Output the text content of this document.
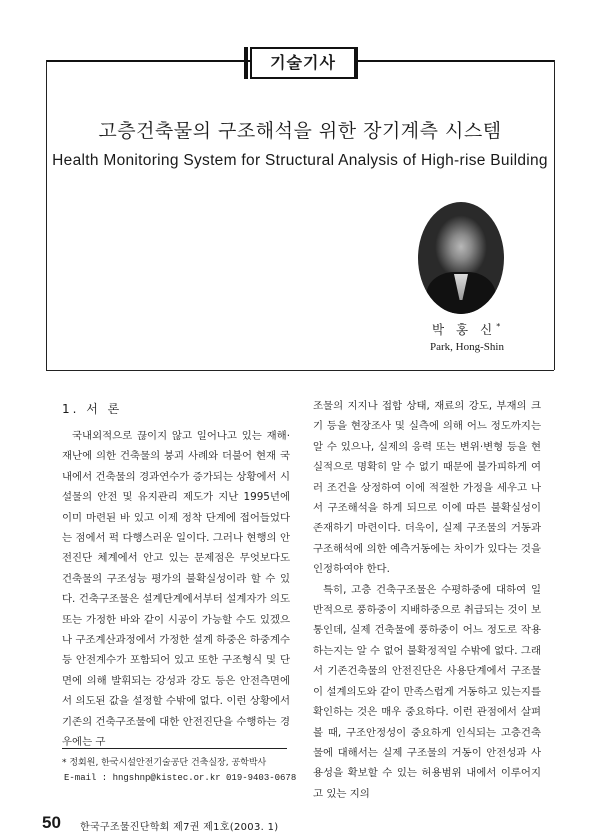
기술기사
고층건축물의 구조해석을 위한 장기계측 시스템
Health Monitoring System for Structural Analysis of High-rise Building
박 홍 신*
Park, Hong-Shin
1. 서 론

국내외적으로 끊이지 않고 일어나고 있는 재해·재난에 의한 건축물의 붕괴 사례와 더불어 현재 국내에서 건축물의 경과연수가 증가되는 상황에서 시설물의 안전 및 유지관리 제도가 지난 1995년에 이미 마련된 바 있고 이제 정착 단계에 접어들었다는 점에서 퍽 다행스러운 일이다. 그러나 현행의 안전진단 체계에서 안고 있는 문제점은 무엇보다도 건축물의 구조성능 평가의 불확실성이라 할 수 있다. 건축구조물은 설계단계에서부터 설계자가 의도 또는 가정한 바와 같이 시공이 가능할 수도 있겠으나 구조계산과정에서 가정한 설계 하중은 하중계수 등 안전계수가 포함되어 있고 또한 구조형식 및 단면에 의해 발휘되는 강성과 강도 등은 안전측면에서 의도된 값을 설정할 수밖에 없다. 이런 상황에서 기존의 건축구조물에 대한 안전진단을 수행하는 경우에는 구

조물의 지지나 접합 상태, 재료의 강도, 부재의 크기 등을 현장조사 및 실측에 의해 어느 정도까지는 알 수 있으나, 실제의 응력 또는 변위·변형 등을 현실적으로 명확히 알 수 없기 때문에 불가피하게 여러 조건을 상정하여 이에 적절한 가정을 세우고 나서 구조해석을 하게 되므로 이에 따른 불확실성이 존재하기 마련이다. 더욱이, 실제 구조물의 거동과 구조해석에 의한 예측거동에는 차이가 있다는 것을 인정하여야 한다.

특히, 고층 건축구조물은 수평하중에 대하여 일반적으로 풍하중이 지배하중으로 취급되는 것이 보통인데, 실제 건축물에 풍하중이 어느 정도로 작용하는지는 알 수 없어 불확정적일 수밖에 없다. 그래서 기존건축물의 안전진단은 사용단계에서 구조물이 설계의도와 같이 만족스럽게 거동하고 있는지를 확인하는 것은 매우 중요하다. 이런 관점에서 살펴볼 때, 구조안정성이 중요하게 인식되는 고층건축물에 대해서는 실제 구조물의 거동이 안전성과 사용성을 확보할 수 있는 허용범위 내에서 이루어지고 있는 지의

* 정회원, 한국시설안전기술공단 건축실장, 공학박사
E-mail : hngshnp@kistec.or.kr 019-9403-0678
50 한국구조물진단학회 제7권 제1호(2003. 1)
